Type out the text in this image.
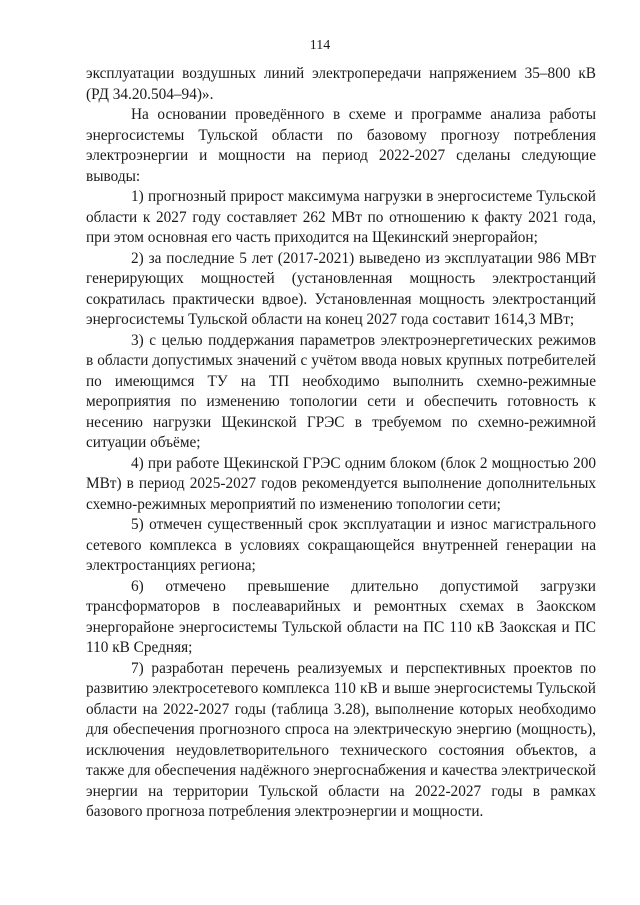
114

эксплуатации воздушных линий электропередачи напряжением 35–800 кВ (РД 34.20.504–94)».

На основании проведённого в схеме и программе анализа работы энергосистемы Тульской области по базовому прогнозу потребления электроэнергии и мощности на период 2022-2027 сделаны следующие выводы:

1) прогнозный прирост максимума нагрузки в энергосистеме Тульской области к 2027 году составляет 262 МВт по отношению к факту 2021 года, при этом основная его часть приходится на Щекинский энергорайон;

2) за последние 5 лет (2017-2021) выведено из эксплуатации 986 МВт генерирующих мощностей (установленная мощность электростанций сократилась практически вдвое). Установленная мощность электростанций энергосистемы Тульской области на конец 2027 года составит 1614,3 МВт;

3) с целью поддержания параметров электроэнергетических режимов в области допустимых значений с учётом ввода новых крупных потребителей по имеющимся ТУ на ТП необходимо выполнить схемно-режимные мероприятия по изменению топологии сети и обеспечить готовность к несению нагрузки Щекинской ГРЭС в требуемом по схемно-режимной ситуации объёме;

4) при работе Щекинской ГРЭС одним блоком (блок 2 мощностью 200 МВт) в период 2025-2027 годов рекомендуется выполнение дополнительных схемно-режимных мероприятий по изменению топологии сети;

5) отмечен существенный срок эксплуатации и износ магистрального сетевого комплекса в условиях сокращающейся внутренней генерации на электростанциях региона;

6) отмечено превышение длительно допустимой загрузки трансформаторов в послеаварийных и ремонтных схемах в Заокском энергорайоне энергосистемы Тульской области на ПС 110 кВ Заокская и ПС 110 кВ Средняя;

7) разработан перечень реализуемых и перспективных проектов по развитию электросетевого комплекса 110 кВ и выше энергосистемы Тульской области на 2022-2027 годы (таблица 3.28), выполнение которых необходимо для обеспечения прогнозного спроса на электрическую энергию (мощность), исключения неудовлетворительного технического состояния объектов, а также для обеспечения надёжного энергоснабжения и качества электрической энергии на территории Тульской области на 2022-2027 годы в рамках базового прогноза потребления электроэнергии и мощности.
